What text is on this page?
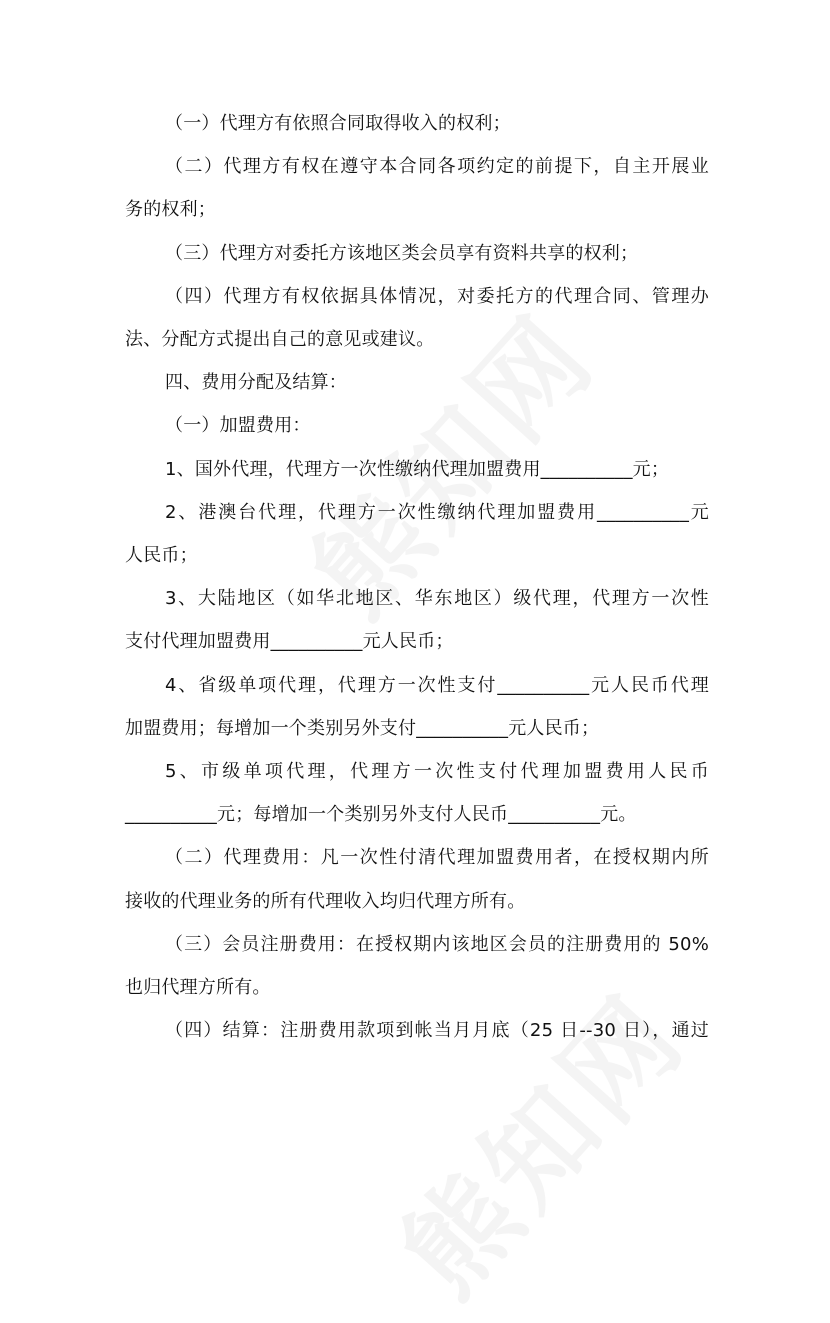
（一）代理方有依照合同取得收入的权利；
（二）代理方有权在遵守本合同各项约定的前提下，自主开展业
务的权利；
（三）代理方对委托方该地区类会员享有资料共享的权利；
（四）代理方有权依据具体情况，对委托方的代理合同、管理办
法、分配方式提出自己的意见或建议。
四、费用分配及结算：
（一）加盟费用：
1、国外代理，代理方一次性缴纳代理加盟费用__________元；
2、港澳台代理，代理方一次性缴纳代理加盟费用__________元
人民币；
3、大陆地区（如华北地区、华东地区）级代理，代理方一次性
支付代理加盟费用__________元人民币；
4、省级单项代理，代理方一次性支付__________元人民币代理
加盟费用；每增加一个类别另外支付__________元人民币；
5、市级单项代理，代理方一次性支付代理加盟费用人民币
__________元；每增加一个类别另外支付人民币__________元。
（二）代理费用：凡一次性付清代理加盟费用者，在授权期内所
接收的代理业务的所有代理收入均归代理方所有。
（三）会员注册费用：在授权期内该地区会员的注册费用的 50%
也归代理方所有。
（四）结算：注册费用款项到帐当月月底（25 日--30 日），通过
